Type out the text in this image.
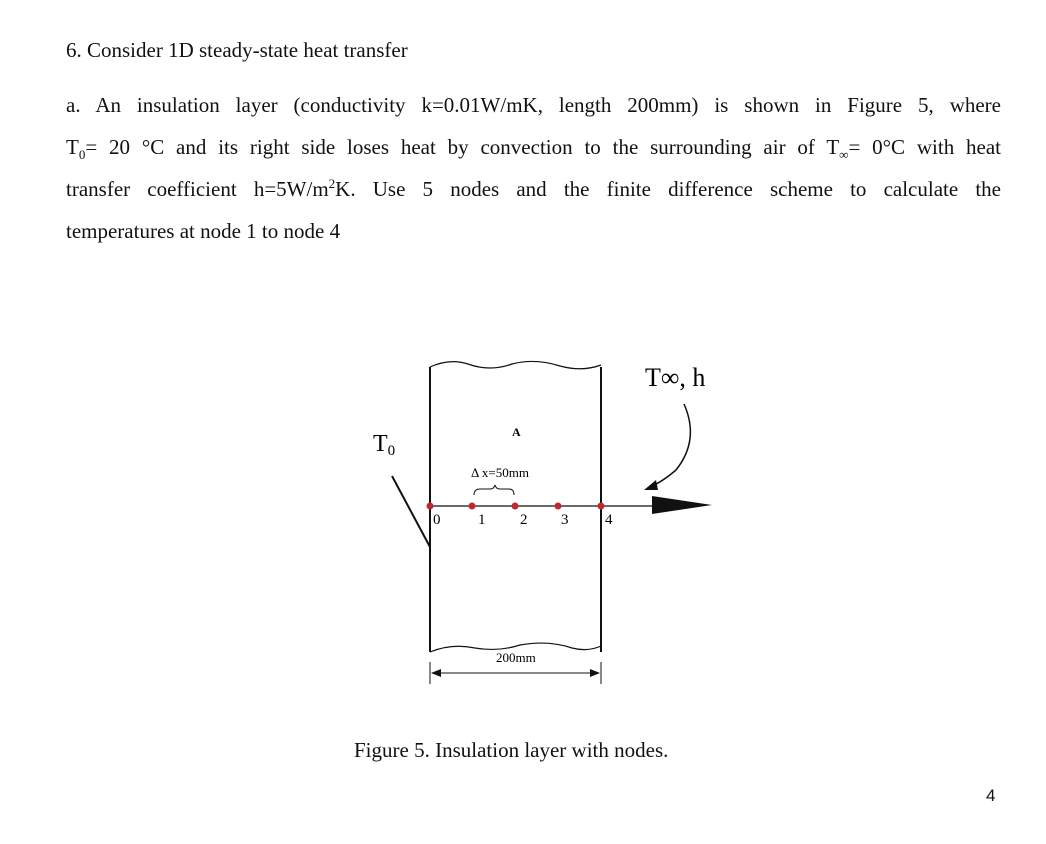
6. Consider 1D steady-state heat transfer
a. An insulation layer (conductivity k=0.01W/mK, length 200mm) is shown in Figure 5, where
$T_0= 20$ °C and its right side loses heat by convection to the surrounding air of $T_\infty= 0^\circ C$ with heat
transfer coefficient $h=5W/m^2K$. Use 5 nodes and the finite difference scheme to calculate the
temperatures at node 1 to node 4
T0
0	1 2 3 4
A
Δ x=50mm
T∞, h
200mm
Figure 5. Insulation layer with nodes.
4
